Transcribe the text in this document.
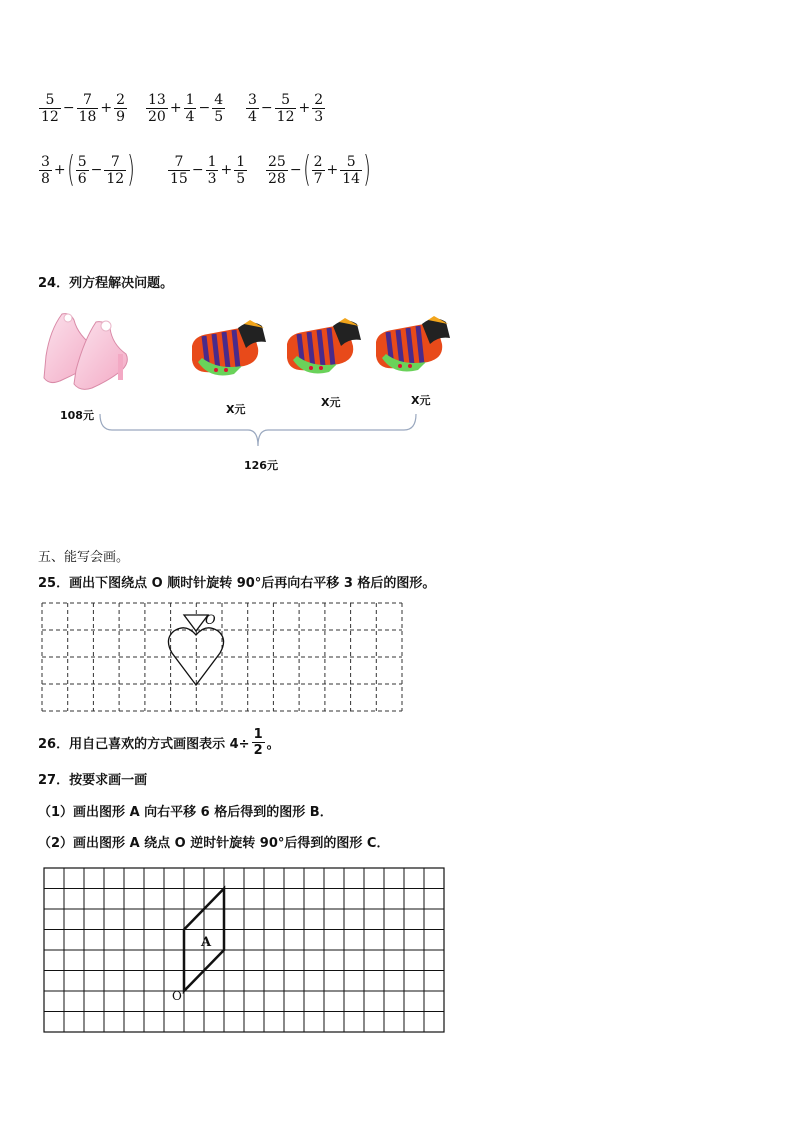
$\frac{5}{12} - \frac{7}{18} + \frac{2}{9} \frac{13}{20} + \frac{1}{4} - \frac{4}{5} \frac{3}{4} - \frac{5}{12} + \frac{2}{3}$
$\frac{3}{8}$ + ( $\frac{5}{6} - \frac{7}{12}$ ) $\frac{7}{15} - \frac{1}{3} + \frac{1}{5} \frac{25}{28}$ − ( $\frac{2}{7} + \frac{5}{14}$ )
24．列方程解决问题。
108元	X元
X元	X元
126元
五、能写会画。
25．画出下图绕点 O 顺时针旋转 90°后再向右平移 3 格后的图形。
O
26．用自己喜欢的方式画图表示 $4\div \frac{1}{2}$ 。
27．按要求画一画
（1）画出图形 A 向右平移 6 格后得到的图形 B．
（2）画出图形 A 绕点 O 逆时针旋转 90°后得到的图形 C．
A
O
